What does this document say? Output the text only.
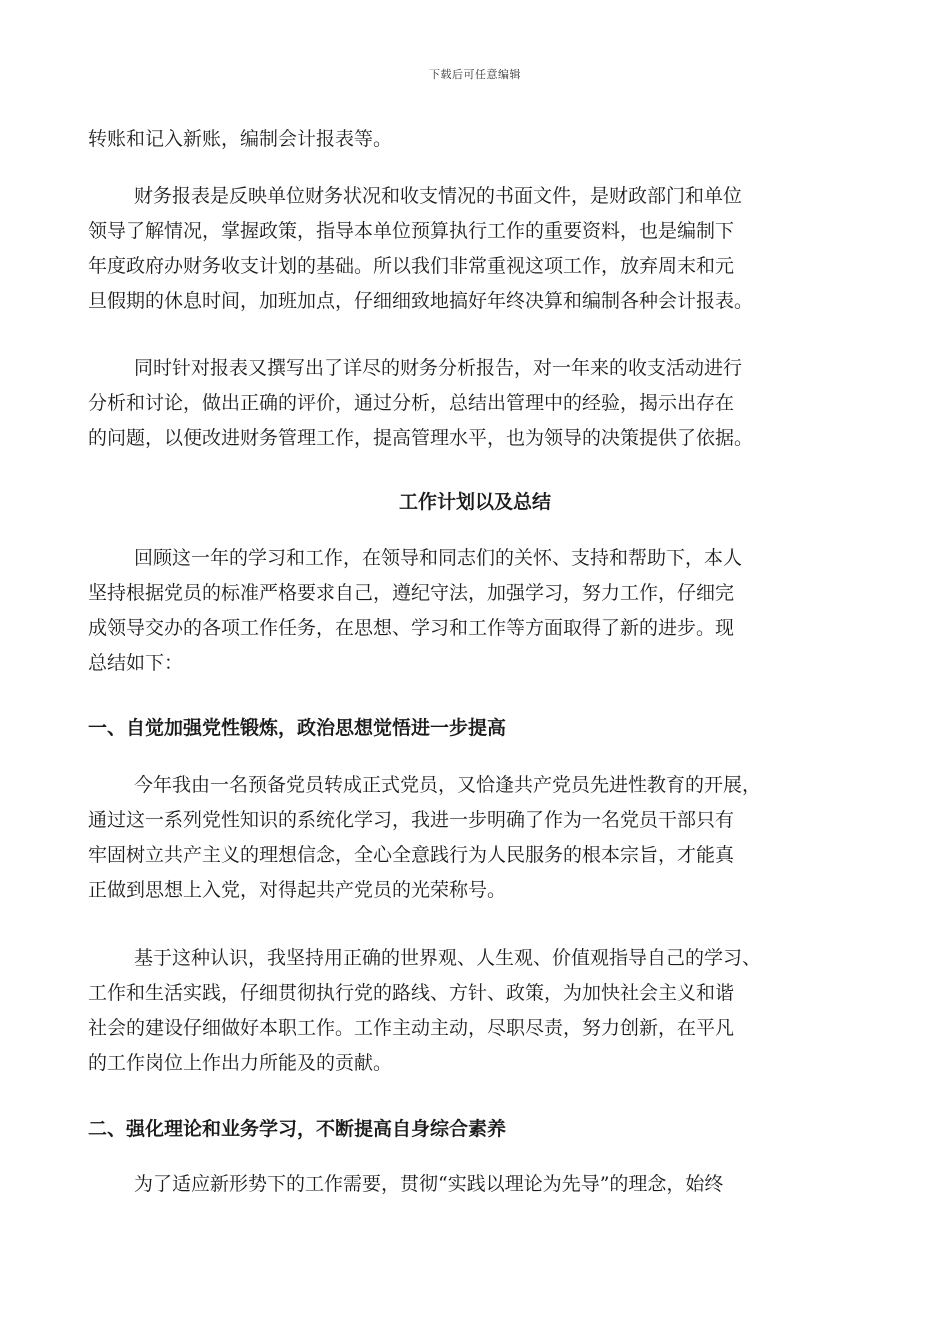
下载后可任意编辑
转账和记入新账，编制会计报表等。
财务报表是反映单位财务状况和收支情况的书面文件，是财政部门和单位
领导了解情况，掌握政策，指导本单位预算执行工作的重要资料，也是编制下
年度政府办财务收支计划的基础。所以我们非常重视这项工作，放弃周末和元
旦假期的休息时间，加班加点，仔细细致地搞好年终决算和编制各种会计报表。
同时针对报表又撰写出了详尽的财务分析报告，对一年来的收支活动进行
分析和讨论，做出正确的评价，通过分析，总结出管理中的经验，揭示出存在
的问题，以便改进财务管理工作，提高管理水平，也为领导的决策提供了依据。
工作计划以及总结
回顾这一年的学习和工作，在领导和同志们的关怀、支持和帮助下，本人
坚持根据党员的标准严格要求自己，遵纪守法，加强学习，努力工作，仔细完
成领导交办的各项工作任务，在思想、学习和工作等方面取得了新的进步。现
总结如下：
一、自觉加强党性锻炼，政治思想觉悟进一步提高
今年我由一名预备党员转成正式党员，又恰逢共产党员先进性教育的开展，
通过这一系列党性知识的系统化学习，我进一步明确了作为一名党员干部只有
牢固树立共产主义的理想信念，全心全意践行为人民服务的根本宗旨，才能真
正做到思想上入党，对得起共产党员的光荣称号。
基于这种认识，我坚持用正确的世界观、人生观、价值观指导自己的学习、
工作和生活实践，仔细贯彻执行党的路线、方针、政策，为加快社会主义和谐
社会的建设仔细做好本职工作。工作主动主动，尽职尽责，努力创新，在平凡
的工作岗位上作出力所能及的贡献。
二、强化理论和业务学习，不断提高自身综合素养
为了适应新形势下的工作需要，贯彻“实践以理论为先导”的理念，始终
